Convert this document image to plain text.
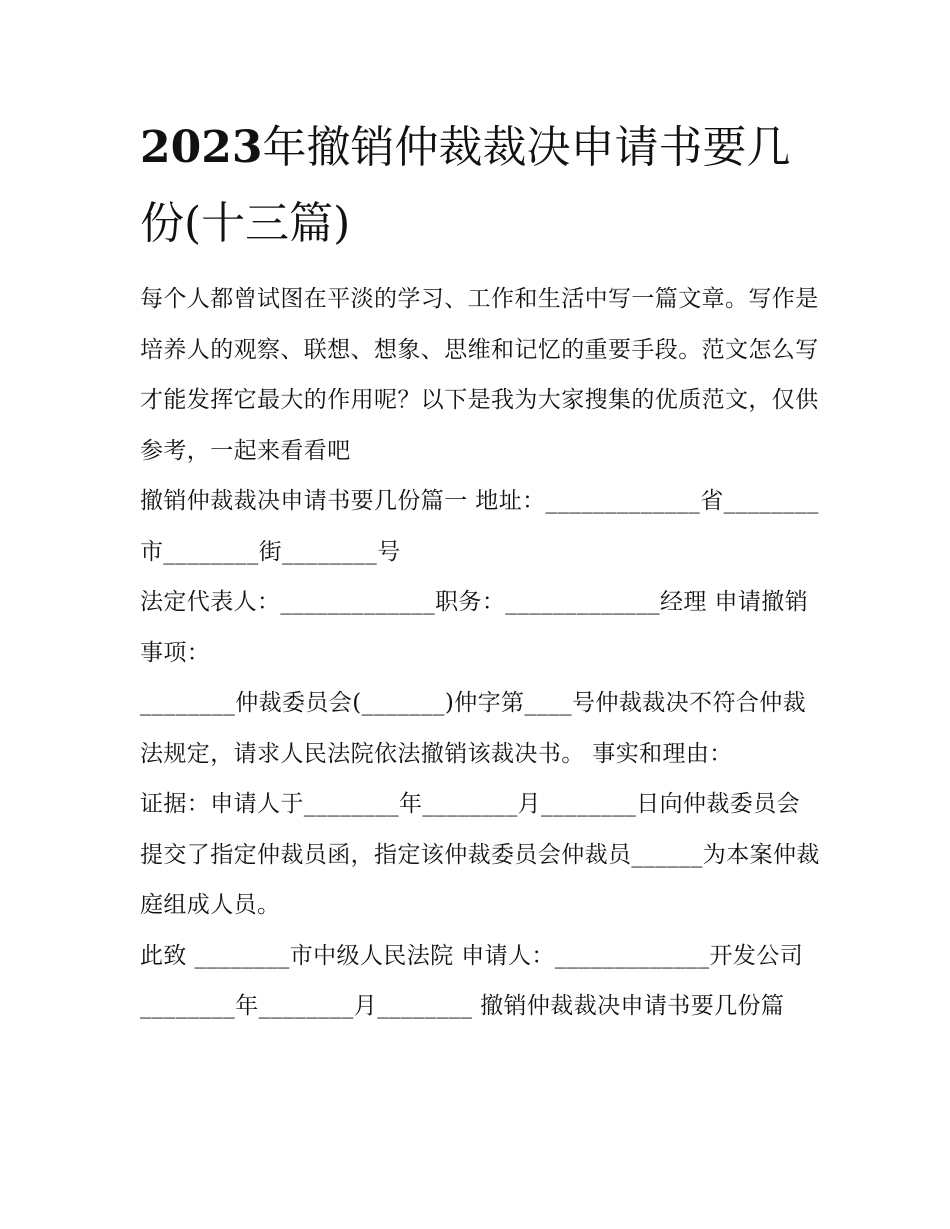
2023年撤销仲裁裁决申请书要几份(十三篇)

每个人都曾试图在平淡的学习、工作和生活中写一篇文章。写作是培养人的观察、联想、想象、思维和记忆的重要手段。范文怎么写才能发挥它最大的作用呢？以下是我为大家搜集的优质范文，仅供参考，一起来看看吧

撤销仲裁裁决申请书要几份篇一 地址：_____________省________市________街________号

法定代表人：_____________职务：_____________经理 申请撤销事项：

________仲裁委员会(_______)仲字第____号仲裁裁决不符合仲裁法规定，请求人民法院依法撤销该裁决书。 事实和理由：

证据：申请人于________年________月________日向仲裁委员会提交了指定仲裁员函，指定该仲裁委员会仲裁员______为本案仲裁庭组成人员。

此致 ________市中级人民法院 申请人：_____________开发公司

________年________月________ 撤销仲裁裁决申请书要几份篇
